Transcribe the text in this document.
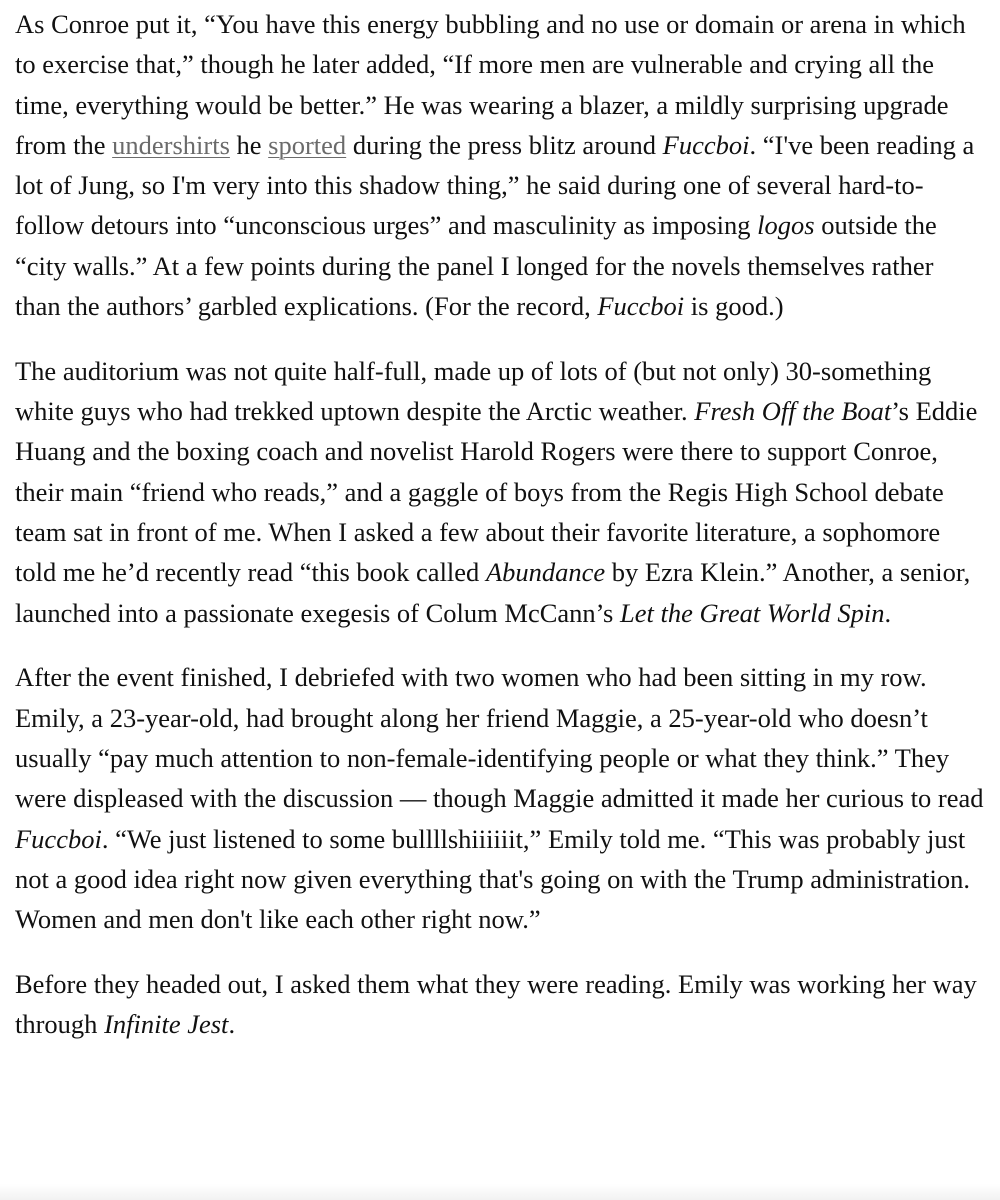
As Conroe put it, “You have this energy bubbling and no use or domain or arena in which to exercise that,” though he later added, “If more men are vulnerable and crying all the time, everything would be better.” He was wearing a blazer, a mildly surprising upgrade from the undershirts he sported during the press blitz around Fuccboi. “I've been reading a lot of Jung, so I'm very into this shadow thing,” he said during one of several hard-to-follow detours into “unconscious urges” and masculinity as imposing logos outside the “city walls.” At a few points during the panel I longed for the novels themselves rather than the authors’ garbled explications. (For the record, Fuccboi is good.)

The auditorium was not quite half-full, made up of lots of (but not only) 30-something white guys who had trekked uptown despite the Arctic weather. Fresh Off the Boat’s Eddie Huang and the boxing coach and novelist Harold Rogers were there to support Conroe, their main “friend who reads,” and a gaggle of boys from the Regis High School debate team sat in front of me. When I asked a few about their favorite literature, a sophomore told me he’d recently read “this book called Abundance by Ezra Klein.” Another, a senior, launched into a passionate exegesis of Colum McCann’s Let the Great World Spin.

After the event finished, I debriefed with two women who had been sitting in my row. Emily, a 23-year-old, had brought along her friend Maggie, a 25-year-old who doesn’t usually “pay much attention to non-female-identifying people or what they think.” They were displeased with the discussion — though Maggie admitted it made her curious to read Fuccboi. “We just listened to some bullllshiiiiiit,” Emily told me. “This was probably just not a good idea right now given everything that's going on with the Trump administration. Women and men don't like each other right now.”

Before they headed out, I asked them what they were reading. Emily was working her way through Infinite Jest.
